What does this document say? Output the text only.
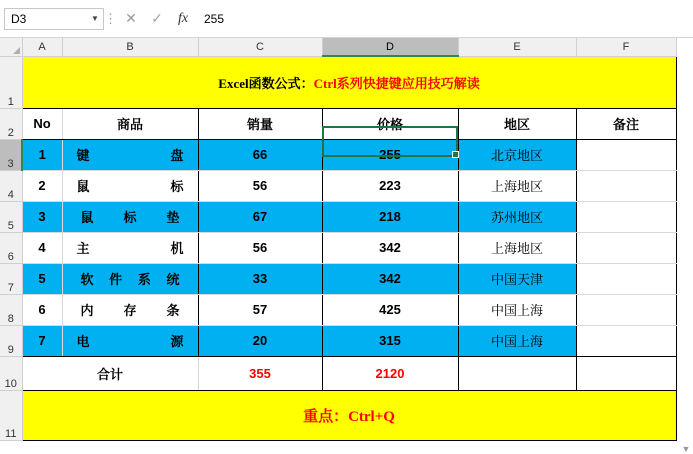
D3	▼ ⋮ ✕	✓	fx	255
	A	B	C	D	E	F
1	Excel函数公式：Ctrl系列快捷键应用技巧解读					
2	No	商品	销量	价格	地区	备注
3	1	键 盘	66	255	北京地区	
4	2	鼠 标	56	223	上海地区	
5	3	鼠 标 垫	67	218	苏州地区	
6	4	主 机	56	342	上海地区	
7	5	软 件 系 统	33	342	中国天津	
8	6	内 存 条	57	425	中国上海	
9	7	电 源	20	315	中国上海	
10	合计		355	2120		
11	重点：Ctrl+Q					
▼
